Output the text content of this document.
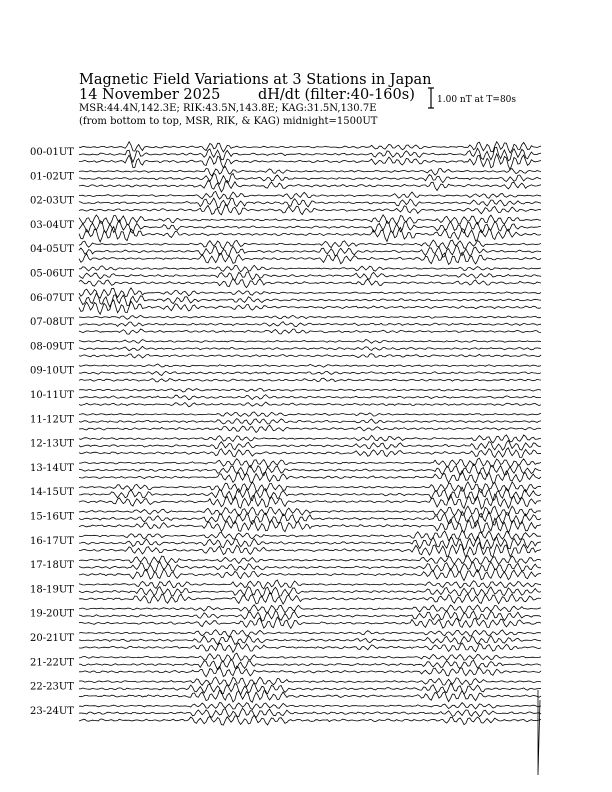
Magnetic Field Variations at 3 Stations in Japan
14 November 2025	dH/dt (filter:40-160s)
MSR:44.4N,142.3E; RIK:43.5N,143.8E; KAG:31.5N,130.7E
(from bottom to top, MSR, RIK, & KAG) midnight=1500UT
1.00 nT at T=80s
00-01UT
01-02UT
02-03UT
03-04UT
04-05UT
05-06UT
06-07UT
07-08UT
08-09UT
09-10UT
10-11UT
11-12UT
12-13UT
13-14UT
14-15UT
15-16UT
16-17UT
17-18UT
18-19UT
19-20UT
20-21UT
21-22UT
22-23UT
23-24UT
